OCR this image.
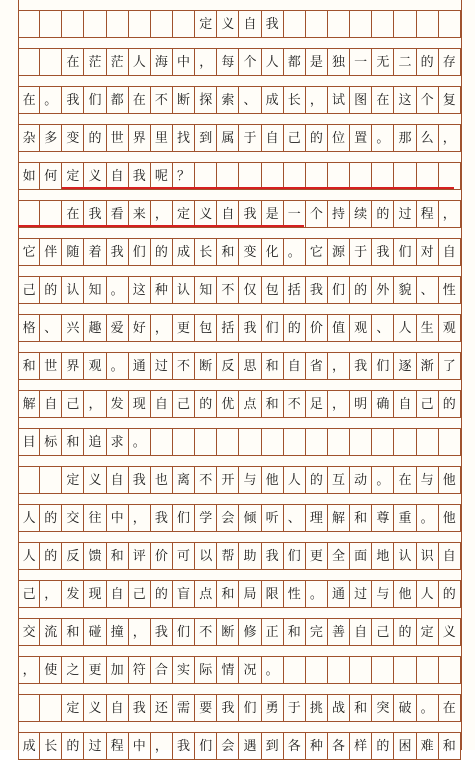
定 义 自 我
在 茫 茫 人 海 中 ， 每 个 人 都 是 独 一 无 二 的 存
在 。 我 们 都 在 不 断 探 索 、 成 长 ， 试 图 在 这 个 复
杂 多 变 的 世 界 里 找 到 属 于 自 己 的 位 置 。 那 么 ，
如 何 定 义 自 我 呢 ？
在 我 看 来 ， 定 义 自 我 是 一 个 持 续 的 过 程 ，
它 伴 随 着 我 们 的 成 长 和 变 化 。 它 源 于 我 们 对 自
己 的 认 知 。 这 种 认 知 不 仅 包 括 我 们 的 外 貌 、 性
格 、 兴 趣 爱 好 ， 更 包 括 我 们 的 价 值 观 、 人 生 观
和 世 界 观 。 通 过 不 断 反 思 和 自 省 ， 我 们 逐 渐 了
解 自 己 ， 发 现 自 己 的 优 点 和 不 足 ， 明 确 自 己 的
目 标 和 追 求 。
定 义 自 我 也 离 不 开 与 他 人 的 互 动 。 在 与 他
人 的 交 往 中 ， 我 们 学 会 倾 听 、 理 解 和 尊 重 。 他
人 的 反 馈 和 评 价 可 以 帮 助 我 们 更 全 面 地 认 识 自
己 ， 发 现 自 己 的 盲 点 和 局 限 性 。 通 过 与 他 人 的
交 流 和 碰 撞 ， 我 们 不 断 修 正 和 完 善 自 己 的 定 义
， 使 之 更 加 符 合 实 际 情 况 。
定 义 自 我 还 需 要 我 们 勇 于 挑 战 和 突 破 。 在
成 长 的 过 程 中 ， 我 们 会 遇 到 各 种 各 样 的 困 难 和
